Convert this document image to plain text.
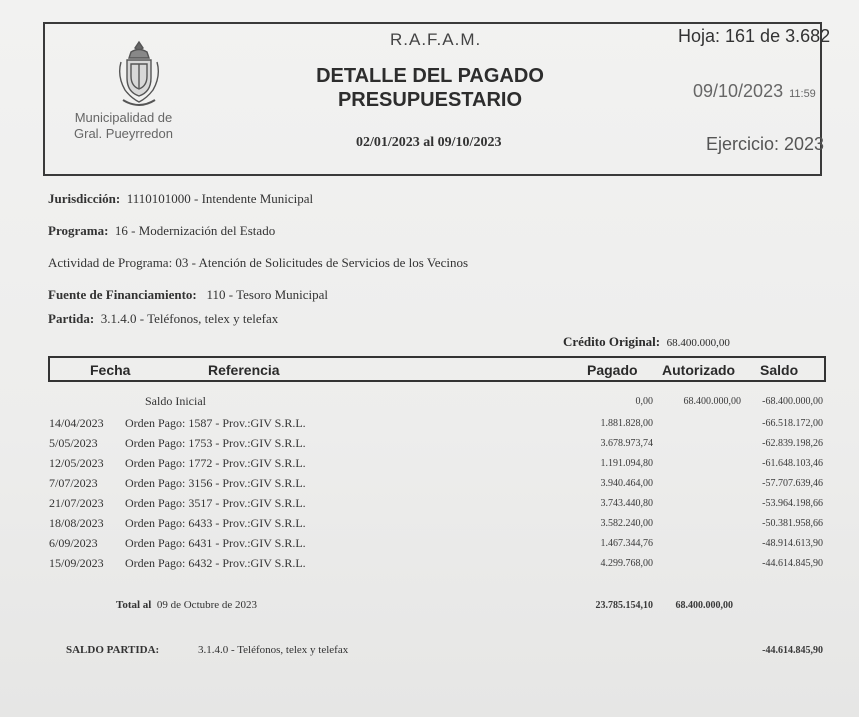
Municipalidad de
Gral. Pueyrredon
R.A.F.A.M.
DETALLE DEL PAGADO PRESUPUESTARIO
02/01/2023 al 09/10/2023
Hoja: 161 de 3.682
09/10/2023 11:59
Ejercicio: 2023
Jurisdicción: 1110101000 - Intendente Municipal
Programa: 16 - Modernización del Estado
Actividad de Programa: 03 - Atención de Solicitudes de Servicios de los Vecinos
Fuente de Financiamiento: 110 - Tesoro Municipal
Partida: 3.1.4.0 - Teléfonos, telex y telefax
Crédito Original: 68.400.000,00
Fecha	Referencia	Pagado Autorizado Saldo
Saldo Inicial	0,00	68.400.000,00 -68.400.000,00
14/04/2023 Orden Pago: 1587 - Prov.:GIV S.R.L.	1.881.828,00	-66.518.172,00
5/05/2023 Orden Pago: 1753 - Prov.:GIV S.R.L.	3.678.973,74	-62.839.198,26
12/05/2023 Orden Pago: 1772 - Prov.:GIV S.R.L.	1.191.094,80	-61.648.103,46
7/07/2023 Orden Pago: 3156 - Prov.:GIV S.R.L.	3.940.464,00	-57.707.639,46
21/07/2023 Orden Pago: 3517 - Prov.:GIV S.R.L.	3.743.440,80	-53.964.198,66
18/08/2023 Orden Pago: 6433 - Prov.:GIV S.R.L.	3.582.240,00	-50.381.958,66
6/09/2023 Orden Pago: 6431 - Prov.:GIV S.R.L.	1.467.344,76	-48.914.613,90
15/09/2023 Orden Pago: 6432 - Prov.:GIV S.R.L.	4.299.768,00	-44.614.845,90
Total al 09 de Octubre de 2023	23.785.154,10 68.400.000,00
SALDO PARTIDA:	3.1.4.0 - Teléfonos, telex y telefax	-44.614.845,90
